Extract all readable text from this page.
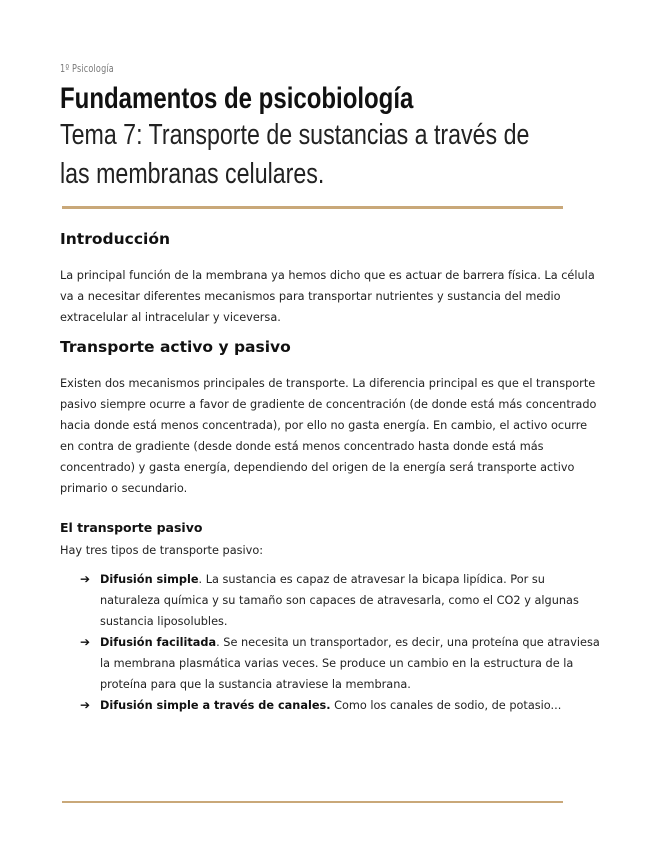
1º Psicología
Fundamentos de psicobiología
Tema 7: Transporte de sustancias a través de las membranas celulares.
Introducción

La principal función de la membrana ya hemos dicho que es actuar de barrera física. La célula va a necesitar diferentes mecanismos para transportar nutrientes y sustancia del medio extracelular al intracelular y viceversa.

Transporte activo y pasivo

Existen dos mecanismos principales de transporte. La diferencia principal es que el transporte pasivo siempre ocurre a favor de gradiente de concentración (de donde está más concentrado hacia donde está menos concentrada), por ello no gasta energía. En cambio, el activo ocurre en contra de gradiente (desde donde está menos concentrado hasta donde está más concentrado) y gasta energía, dependiendo del origen de la energía será transporte activo primario o secundario.

El transporte pasivo

Hay tres tipos de transporte pasivo:

➔ Difusión simple. La sustancia es capaz de atravesar la bicapa lipídica. Por su naturaleza química y su tamaño son capaces de atravesarla, como el CO2 y algunas sustancia liposolubles.
➔ Difusión facilitada. Se necesita un transportador, es decir, una proteína que atraviesa la membrana plasmática varias veces. Se produce un cambio en la estructura de la proteína para que la sustancia atraviese la membrana.
➔ Difusión simple a través de canales. Como los canales de sodio, de potasio...
